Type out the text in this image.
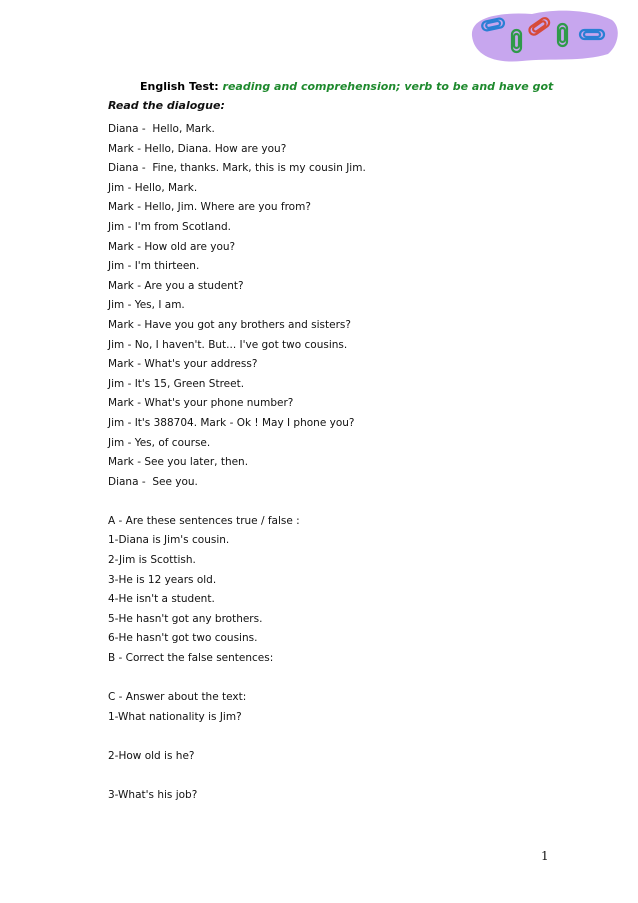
English Test: reading and comprehension; verb to be and have got
Read the dialogue:
Diana -  Hello, Mark.
Mark - Hello, Diana. How are you?
Diana -  Fine, thanks. Mark, this is my cousin Jim.
Jim - Hello, Mark.
Mark - Hello, Jim. Where are you from?
Jim - I'm from Scotland.
Mark - How old are you?
Jim - I'm thirteen.
Mark - Are you a student?
Jim - Yes, I am.
Mark - Have you got any brothers and sisters?
Jim - No, I haven't. But... I've got two cousins.
Mark - What's your address?
Jim - It's 15, Green Street.
Mark - What's your phone number?
Jim - It's 388704. Mark - Ok ! May I phone you?
Jim - Yes, of course.
Mark - See you later, then.
Diana -  See you.
A - Are these sentences true / false :
1-Diana is Jim's cousin.
2-Jim is Scottish.
3-He is 12 years old.
4-He isn't a student.
5-He hasn't got any brothers.
6-He hasn't got two cousins.
B - Correct the false sentences:
C - Answer about the text:
1-What nationality is Jim?
2-How old is he?
3-What's his job?
1
